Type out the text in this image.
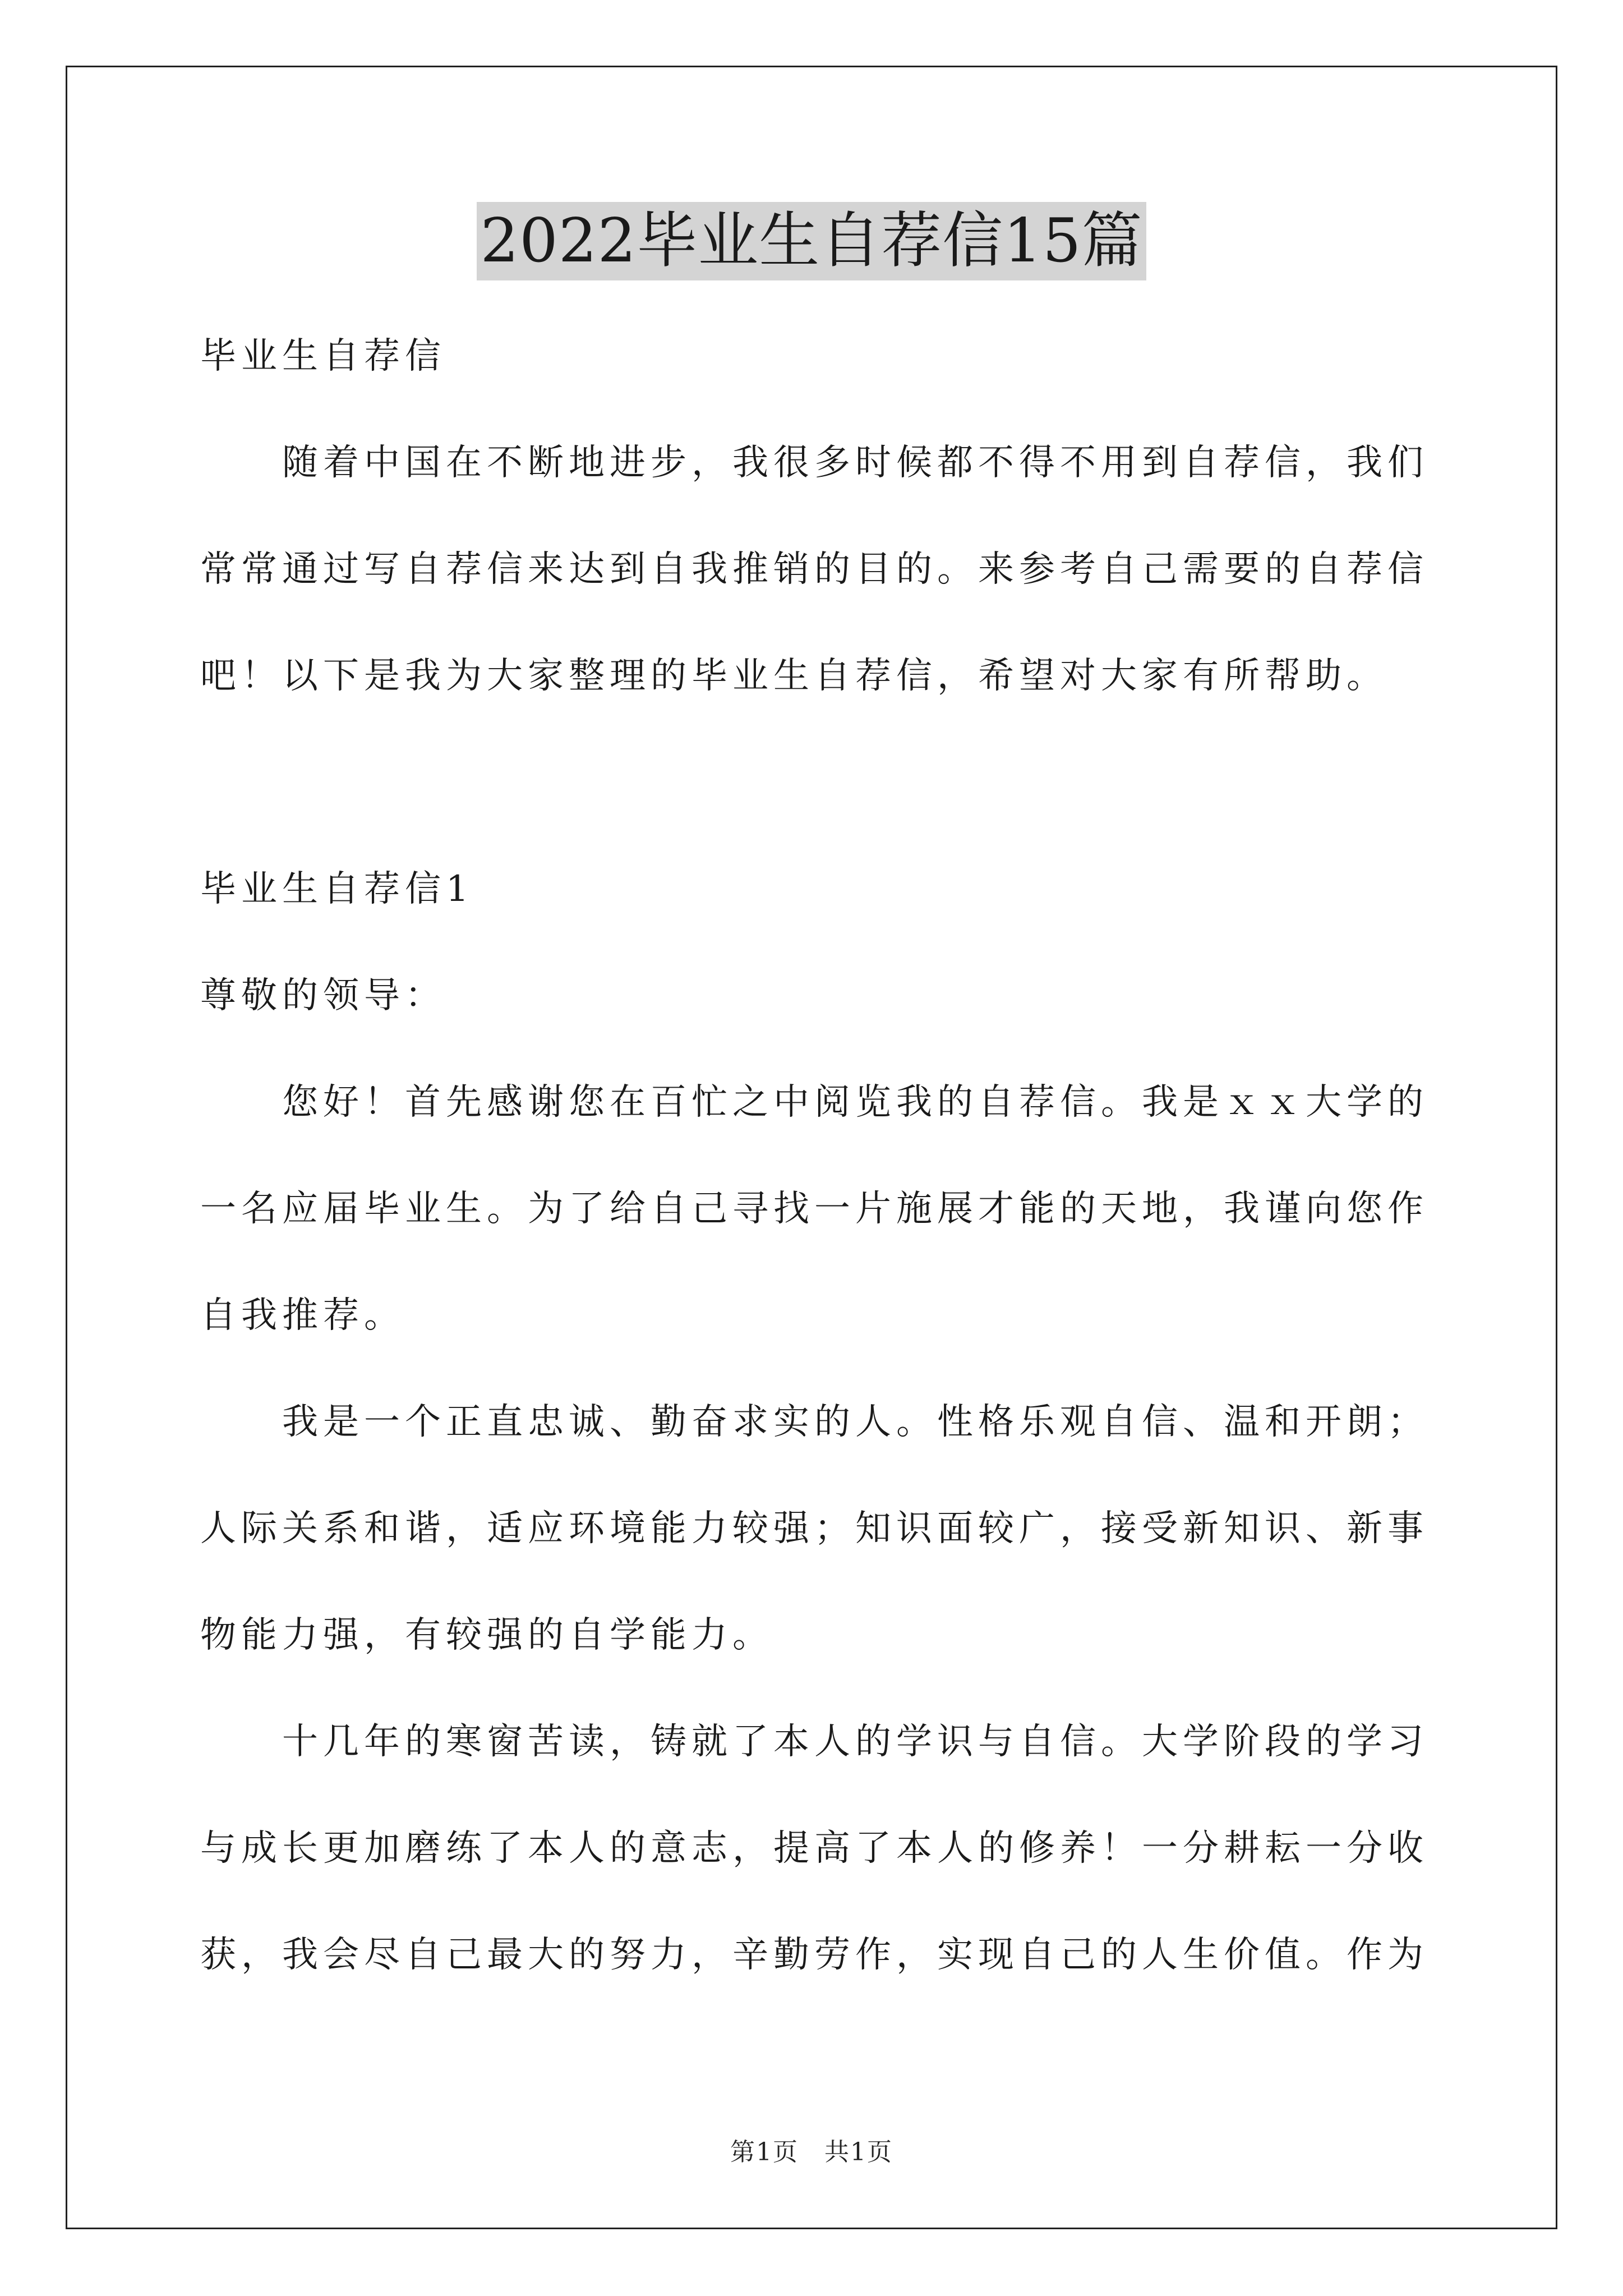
2022毕业生自荐信15篇
毕业生自荐信
随着中国在不断地进步，我很多时候都不得不用到自荐信，我们
常常通过写自荐信来达到自我推销的目的。来参考自己需要的自荐信
吧！以下是我为大家整理的毕业生自荐信，希望对大家有所帮助。
毕业生自荐信1
尊敬的领导：
您好！首先感谢您在百忙之中阅览我的自荐信。我是ｘｘ大学的
一名应届毕业生。为了给自己寻找一片施展才能的天地，我谨向您作
自我推荐。
我是一个正直忠诚、勤奋求实的人。性格乐观自信、温和开朗；
人际关系和谐，适应环境能力较强；知识面较广，接受新知识、新事
物能力强，有较强的自学能力。
十几年的寒窗苦读，铸就了本人的学识与自信。大学阶段的学习
与成长更加磨练了本人的意志，提高了本人的修养！一分耕耘一分收
获，我会尽自己最大的努力，辛勤劳作，实现自己的人生价值。作为
第1页 共1页
